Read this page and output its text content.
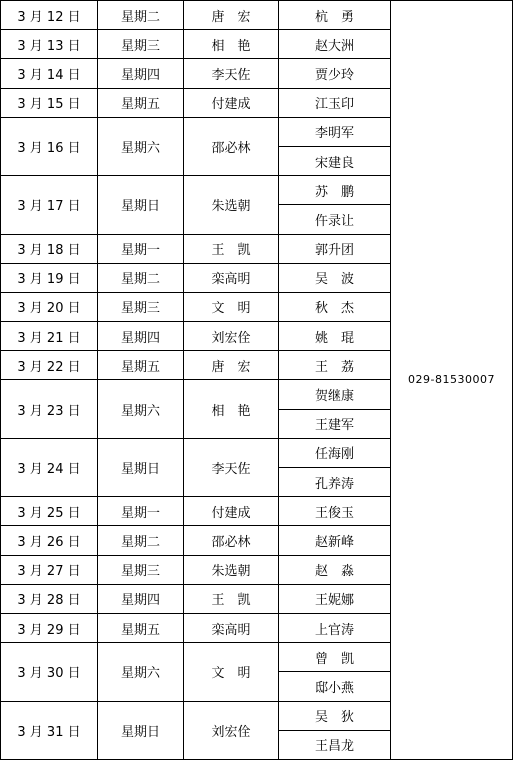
3 月 12 日	星期二	唐　宏	杭　勇	029-81530007
3 月 13 日	星期三	相　艳	赵大洲	
3 月 14 日	星期四	李天佐	贾少玲	
3 月 15 日	星期五	付建成	江玉印	
3 月 16 日	星期六	邵必林	李明军	
			宋建良	
3 月 17 日	星期日	朱选朝	苏　鹏	
			仵录让	
3 月 18 日	星期一	王　凯	郭升团	
3 月 19 日	星期二	栾高明	吴　波	
3 月 20 日	星期三	文　明	秋　杰	
3 月 21 日	星期四	刘宏佺	姚　琨	
3 月 22 日	星期五	唐　宏	王　荔	
3 月 23 日	星期六	相　艳	贺继康	
			王建军	
3 月 24 日	星期日	李天佐	任海刚	
			孔养涛	
3 月 25 日	星期一	付建成	王俊玉	
3 月 26 日	星期二	邵必林	赵新峰	
3 月 27 日	星期三	朱选朝	赵　淼	
3 月 28 日	星期四	王　凯	王妮娜	
3 月 29 日	星期五	栾高明	上官涛	
3 月 30 日	星期六	文　明	曾　凯	
			邸小燕	
3 月 31 日	星期日	刘宏佺	吴　狄	
			王昌龙	
